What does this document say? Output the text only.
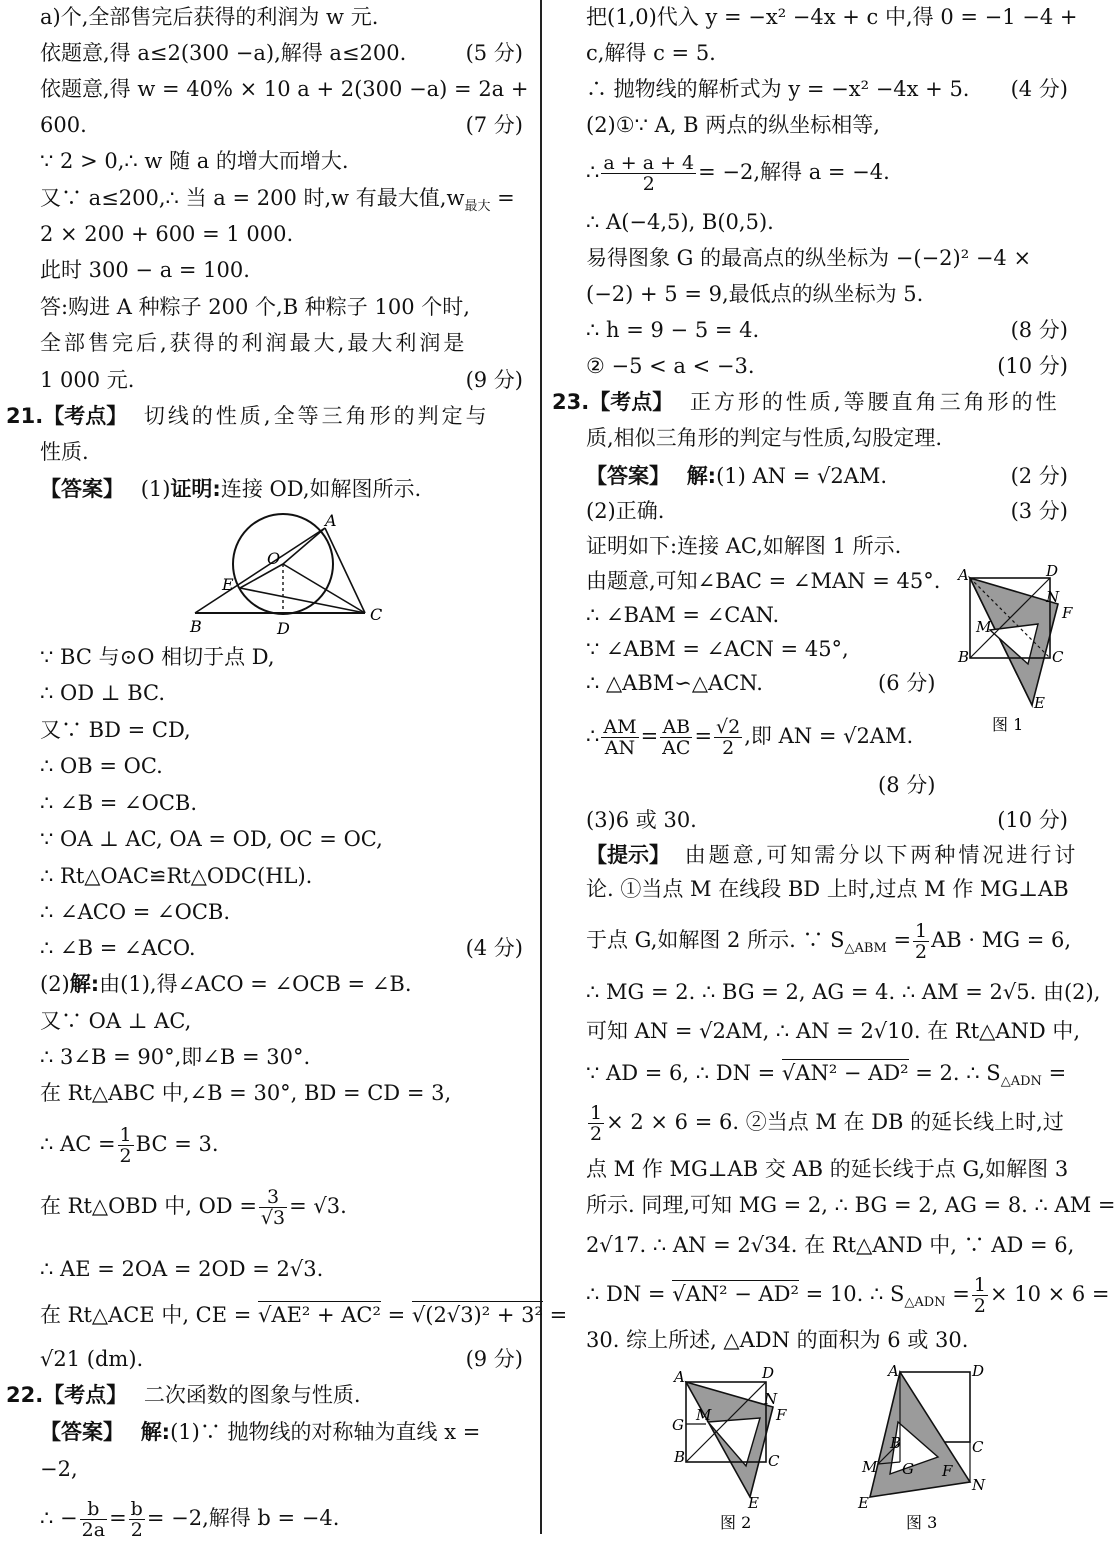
a)个,全部售完后获得的利润为 w 元.
依题意,得 a≤2(300 −a),解得 a≤200.	(5 分)
依题意,得 w = 40% × 10 a + 2(300 −a) = 2a +
600.	(7 分)
∵ 2 > 0,∴ w 随 a 的增大而增大.
又∵ a≤200,∴ 当 a = 200 时,w 有最大值$,w_{最大}$ =
2 × 200 + 600 = 1 000.
此时 300 − a = 100.
答:购进 A 种粽子 200 个,B 种粽子 100 个时,
全部售完后,获得的利润最大,最大利润是
1 000 元.	(9 分)
21.【考点】 切线的性质,全等三角形的判定与
性质.
【答案】 (1)证明:连接 OD,如解图所示.
A
O
E
B	D
C
∵ BC 与⊙O 相切于点 D,
∴ OD ⊥ BC.
又∵ BD = CD,
∴ OB = OC.
∴ ∠B = ∠OCB.
∵ OA ⊥ AC, OA = OD, OC = OC,
∴ Rt△OAC≌Rt△ODC(HL).
∴ ∠ACO = ∠OCB.
∴ ∠B = ∠ACO.	(4 分)
(2)解:由(1),得∠ACO = ∠OCB = ∠B.
又∵ OA ⊥ AC,
∴ 3∠B = 90°,即∠B = 30°.
在 Rt△ABC 中,∠B = 30°, BD = CD = 3,
∴ AC = $\frac{1}{2}$ BC = 3.
在 Rt△OBD 中, OD = $\frac{3}{√3} = √3$.
∴ AE = 2OA = 2OD = 2√3.
在 Rt△ACE 中, CE = √AE² + AC² = √(2√3)² + 3² =
√21 (dm).	(9 分)
22.【考点】 二次函数的图象与性质.
【答案】 解:(1)∵ 抛物线的对称轴为直线 x =
−2,
∴ − $\frac{b}{2a} = \frac{b}{2} = -2$,解得 b = −4.
把(1,0)代入 y = −x² −4x + c 中,得 0 = −1 −4 +
c,解得 c = 5.
∴ 抛物线的解析式为 y = −x² −4x + 5. (4 分)
(2)①∵ A, B 两点的纵坐标相等,
∴ $\frac{a + a + 4}{2} = -2$,解得 a = −4.
∴ A(−4,5), B(0,5).
易得图象 G 的最高点的纵坐标为 −(−2)² −4 ×
(−2) + 5 = 9,最低点的纵坐标为 5.
∴ h = 9 − 5 = 4.	(8 分)
② −5 < a < −3.	(10 分)
23.【考点】 正方形的性质,等腰直角三角形的性
质,相似三角形的判定与性质,勾股定理.
【答案】 解:(1) AN = √2AM.	(2 分)
(2)正确.	(3 分)
证明如下:连接 AC,如解图 1 所示.
由题意,可知∠BAC = ∠MAN = 45°.
∴ ∠BAM = ∠CAN.
∵ ∠ABM = ∠ACN = 45°,
∴ △ABM∽△ACN.	(6 分)
∴ $\frac{AM}{AN} = \frac{AB}{AC} = \frac{√2}{2}$ ,即 AN = √2AM.
(8 分)
A	D
N
F
M
B	C
E
图 1
(3)6 或 30.	(10 分)
【提示】 由题意,可知需分以下两种情况进行讨
论. ①当点 M 在线段 BD 上时,过点 M 作 MG⊥AB
于点 G,如解图 2 所示. ∵ $S_{\triangle ABM} = \frac{1}{2}$ AB · MG = 6,
∴ MG = 2. ∴ BG = 2, AG = 4. ∴ AM = 2√5. 由(2),
可知 AN = √2AM, ∴ AN = 2√10. 在 Rt△AND 中,
∵ AD = 6, ∴ DN = √AN² − AD² = 2. ∴ $S_{\triangle ADN}$ =
$\frac{1}{2} \times 2 \times 6 = 6$. ②当点 M 在 DB 的延长线上时,过
点 M 作 MG⊥AB 交 AB 的延长线于点 G,如解图 3
所示. 同理,可知 MG = 2, ∴ BG = 2, AG = 8. ∴ AM =
2√17. ∴ AN = 2√34. 在 Rt△AND 中, ∵ AD = 6,
∴ DN = √AN² − AD² = 10. ∴ $S_{\triangle ADN} = \frac{1}{2} \times 10 \times 6$ =
30. 综上所述, △ADN 的面积为 6 或 30.
A	D
N
F
G
M
B	C
E
图 2
A	D
B	C
M G F
N
E
图 3
